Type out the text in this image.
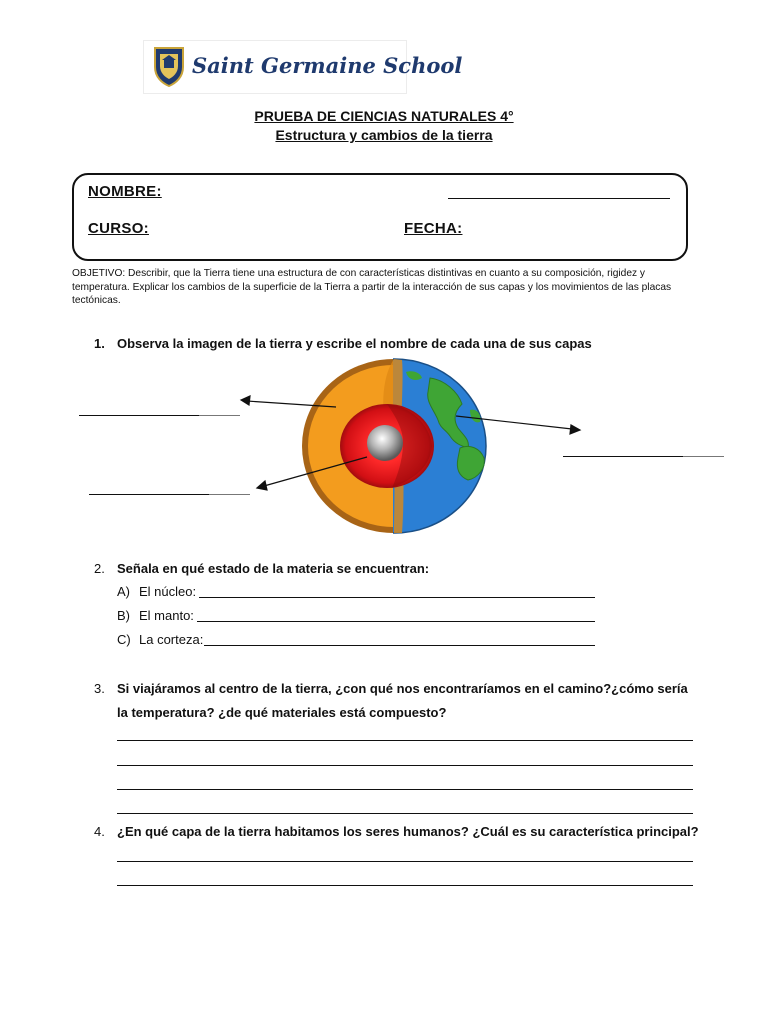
Saint Germaine School
PRUEBA DE CIENCIAS NATURALES 4°
Estructura y cambios de la tierra
NOMBRE:
CURSO:	FECHA:
OBJETIVO: Describir, que la Tierra tiene una estructura de con características distintivas en cuanto a su composición, rigidez y temperatura. Explicar los cambios de la superficie de la Tierra a partir de la interacción de sus capas y los movimientos de las placas tectónicas.
1. Observa la imagen de la tierra y escribe el nombre de cada una de sus capas
2. Señala en qué estado de la materia se encuentran:
A) El núcleo:
B) El manto:
C) La corteza:
3. Si viajáramos al centro de la tierra, ¿con qué nos encontraríamos en el camino?¿cómo sería
la temperatura? ¿de qué materiales está compuesto?
4. ¿En qué capa de la tierra habitamos los seres humanos? ¿Cuál es su característica principal?
